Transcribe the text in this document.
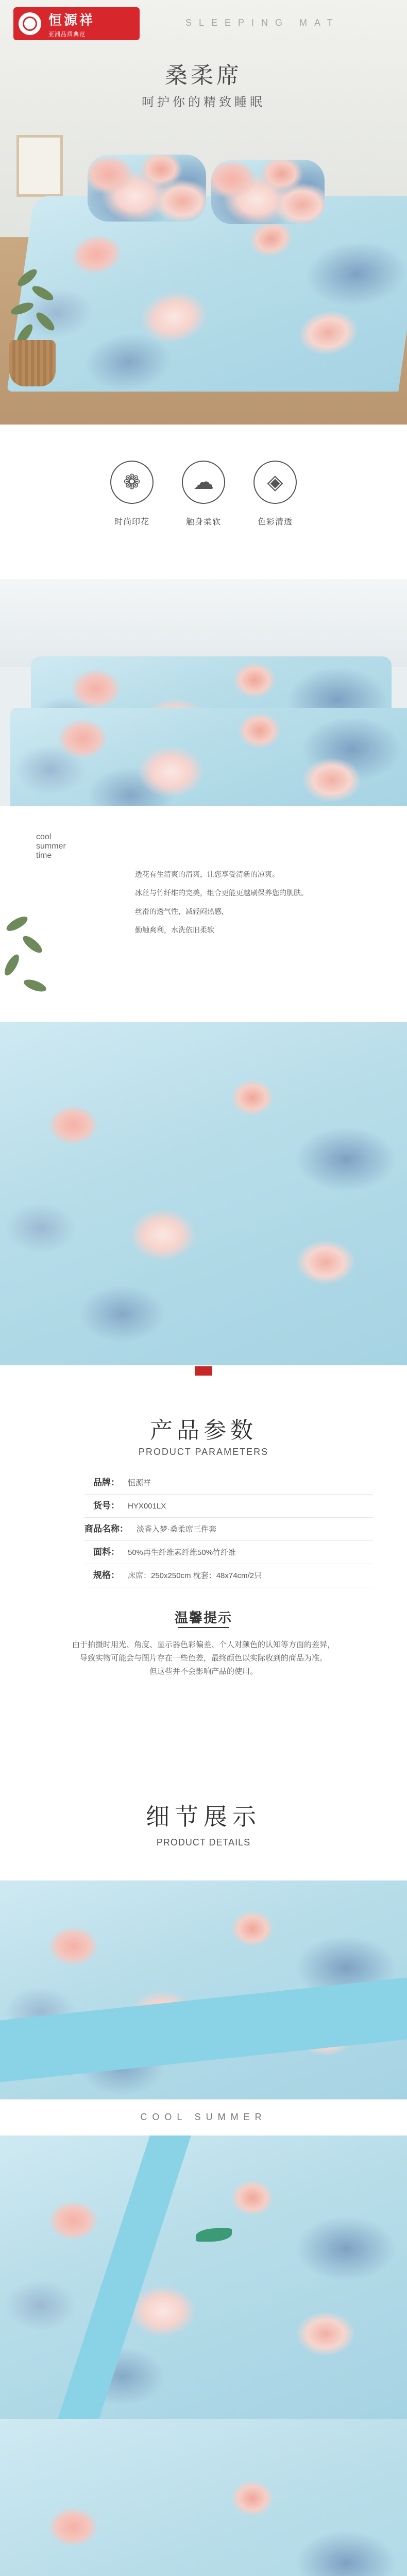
恒源祥
亚洲品质典范
SLEEPING MAT
桑柔席
呵护你的精致睡眠
❁
时尚印花
☁
触身柔软
◈
色彩清透
cool
summer
time
透花有生清爽的清爽，让您享受清新的凉爽。
冰丝与竹纤维的完美，组合更能更越刷保养您的肌肤。
丝滑的透气性，减轻闷热感，
勤触爽利，水洗依旧柔软
产品参数
PRODUCT PARAMETERS
品牌： 恒源祥
货号： HYX001LX
商品名称： 淡香入梦·桑柔席三件套
面料： 50%再生纤维素纤维50%竹纤维
规格： 床席：250x250cm 枕套：48x74cm/2只
温馨提示
由于拍摄时用光、角度、显示器色彩偏差、个人对颜色的认知等方面的差异，
导致实物可能会与图片存在一些色差，最终颜色以实际收到的商品为准。
但这些并不会影响产品的使用。
细节展示
PRODUCT DETAILS
COOL SUMMER
